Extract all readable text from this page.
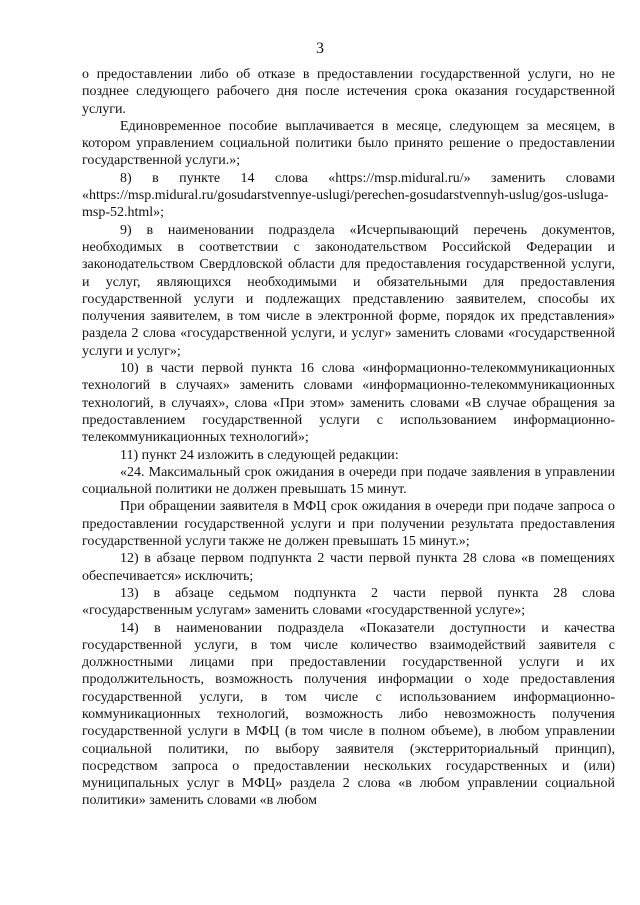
3

о предоставлении либо об отказе в предоставлении государственной услуги, но не позднее следующего рабочего дня после истечения срока оказания государственной услуги.

Единовременное пособие выплачивается в месяце, следующем за месяцем, в котором управлением социальной политики было принято решение о предоставлении государственной услуги.»;

8) в пункте 14 слова «https://msp.midural.ru/» заменить словами «https://msp.midural.ru/gosudarstvennye-uslugi/perechen-gosudarstvennyh-uslug/gos-usluga-msp-52.html»;

9) в наименовании подраздела «Исчерпывающий перечень документов, необходимых в соответствии с законодательством Российской Федерации и законодательством Свердловской области для предоставления государственной услуги, и услуг, являющихся необходимыми и обязательными для предоставления государственной услуги и подлежащих представлению заявителем, способы их получения заявителем, в том числе в электронной форме, порядок их представления» раздела 2 слова «государственной услуги, и услуг» заменить словами «государственной услуги и услуг»;

10) в части первой пункта 16 слова «информационно-телекоммуникационных технологий в случаях» заменить словами «информационно-телекоммуникационных технологий, в случаях», слова «При этом» заменить словами «В случае обращения за предоставлением государственной услуги с использованием информационно-телекоммуникационных технологий»;

11) пункт 24 изложить в следующей редакции:

«24. Максимальный срок ожидания в очереди при подаче заявления в управлении социальной политики не должен превышать 15 минут.

При обращении заявителя в МФЦ срок ожидания в очереди при подаче запроса о предоставлении государственной услуги и при получении результата предоставления государственной услуги также не должен превышать 15 минут.»;

12) в абзаце первом подпункта 2 части первой пункта 28 слова «в помещениях обеспечивается» исключить;

13) в абзаце седьмом подпункта 2 части первой пункта 28 слова «государственным услугам» заменить словами «государственной услуге»;

14) в наименовании подраздела «Показатели доступности и качества государственной услуги, в том числе количество взаимодействий заявителя с должностными лицами при предоставлении государственной услуги и их продолжительность, возможность получения информации о ходе предоставления государственной услуги, в том числе с использованием информационно-коммуникационных технологий, возможность либо невозможность получения государственной услуги в МФЦ (в том числе в полном объеме), в любом управлении социальной политики, по выбору заявителя (экстерриториальный принцип), посредством запроса о предоставлении нескольких государственных и (или) муниципальных услуг в МФЦ» раздела 2 слова «в любом управлении социальной политики» заменить словами «в любом
